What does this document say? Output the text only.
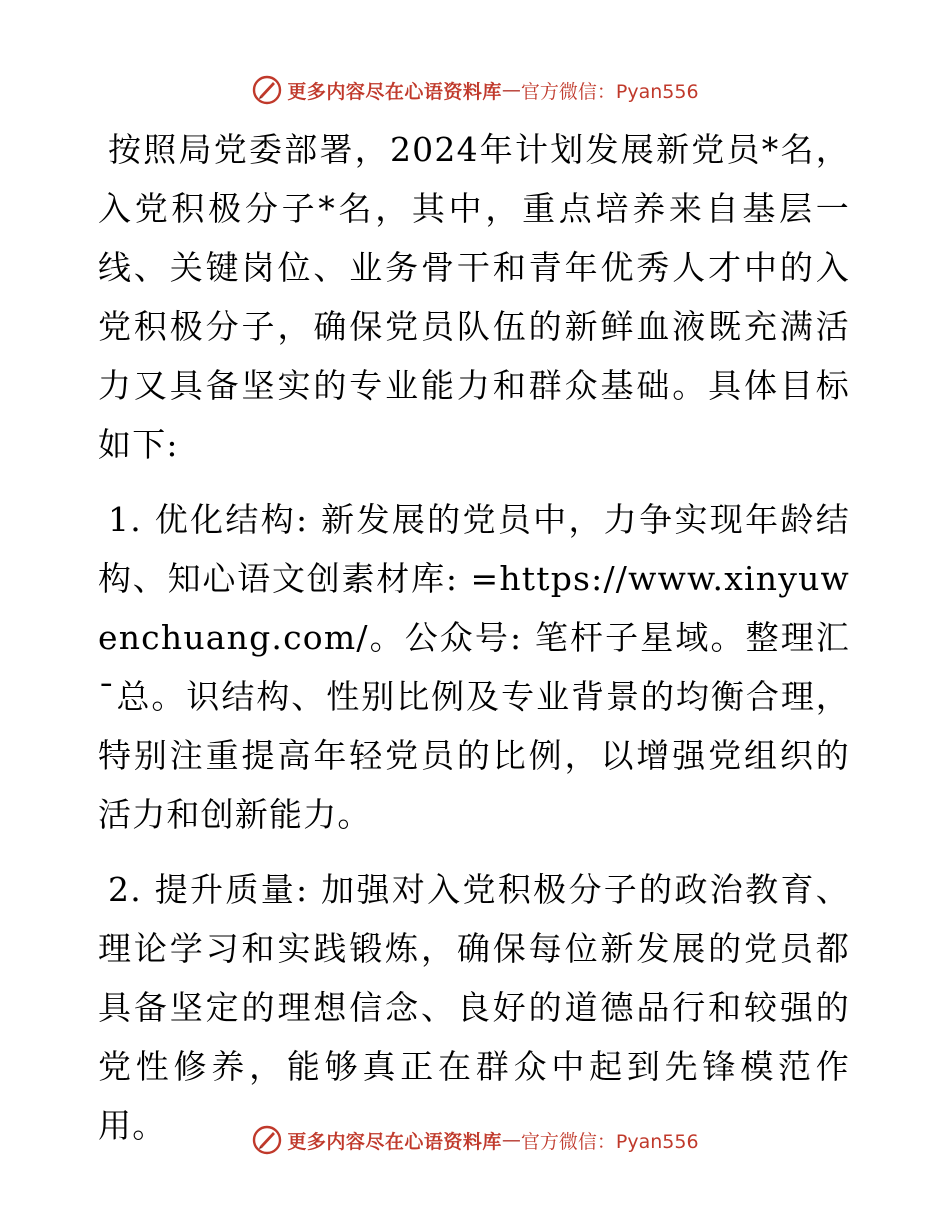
更多内容尽在心语资料库 — 官方微信：Pyan556

按照局党委部署，2024年计划发展新党员*名，入党积极分子*名，其中，重点培养来自基层一线、关键岗位、业务骨干和青年优秀人才中的入党积极分子，确保党员队伍的新鲜血液既充满活力又具备坚实的专业能力和群众基础。具体目标如下:

1. 优化结构: 新发展的党员中，力争实现年龄结构、知心语文创素材库: =https://www.xinyuwenchuang.com/。公众号: 笔杆子星域。整理汇¯总。识结构、性别比例及专业背景的均衡合理，特别注重提高年轻党员的比例，以增强党组织的活力和创新能力。

2. 提升质量: 加强对入党积极分子的政治教育、理论学习和实践锻炼，确保每位新发展的党员都具备坚定的理想信念、良好的道德品行和较强的党性修养，能够真正在群众中起到先锋模范作用。	更多内容尽在心语资料库 — 官方微信：Pyan556
